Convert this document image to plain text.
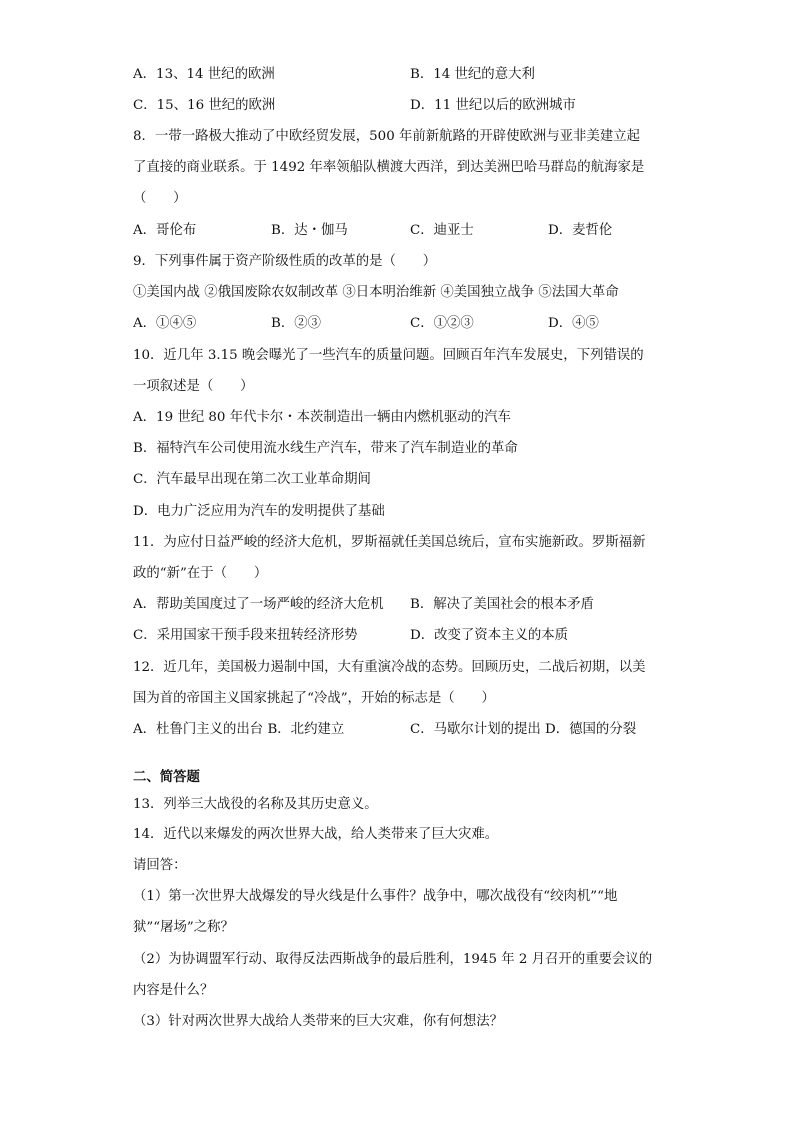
A．13、14 世纪的欧洲	B．14 世纪的意大利
C．15、16 世纪的欧洲	D．11 世纪以后的欧洲城市
8．一带一路极大推动了中欧经贸发展，500 年前新航路的开辟使欧洲与亚非美建立起
了直接的商业联系。于 1492 年率领船队横渡大西洋，到达美洲巴哈马群岛的航海家是
（　　）
A．哥伦布	B．达・伽马	C．迪亚士	D．麦哲伦
9．下列事件属于资产阶级性质的改革的是（　　）
①美国内战 ②俄国废除农奴制改革 ③日本明治维新 ④美国独立战争 ⑤法国大革命
A．①④⑤	B．②③	C．①②③	D．④⑤
10．近几年 3.15 晚会曝光了一些汽车的质量问题。回顾百年汽车发展史，下列错误的
一项叙述是（　　）
A．19 世纪 80 年代卡尔・本茨制造出一辆由内燃机驱动的汽车
B．福特汽车公司使用流水线生产汽车，带来了汽车制造业的革命
C．汽车最早出现在第二次工业革命期间
D．电力广泛应用为汽车的发明提供了基础
11．为应付日益严峻的经济大危机，罗斯福就任美国总统后，宣布实施新政。罗斯福新
政的“新”在于（　　）
A．帮助美国度过了一场严峻的经济大危机 B．解决了美国社会的根本矛盾
C．采用国家干预手段来扭转经济形势	D．改变了资本主义的本质
12．近几年，美国极力遏制中国，大有重演冷战的态势。回顾历史，二战后初期，以美
国为首的帝国主义国家挑起了“冷战”，开始的标志是（　　）
A．杜鲁门主义的出台 B．北约建立	C．马歇尔计划的提出 D．德国的分裂
二、简答题
13．列举三大战役的名称及其历史意义。
14．近代以来爆发的两次世界大战，给人类带来了巨大灾难。
请回答：
（1）第一次世界大战爆发的导火线是什么事件？战争中，哪次战役有“绞肉机”“地
狱”“屠场”之称？
（2）为协调盟军行动、取得反法西斯战争的最后胜利，1945 年 2 月召开的重要会议的
内容是什么？
（3）针对两次世界大战给人类带来的巨大灾难，你有何想法？
